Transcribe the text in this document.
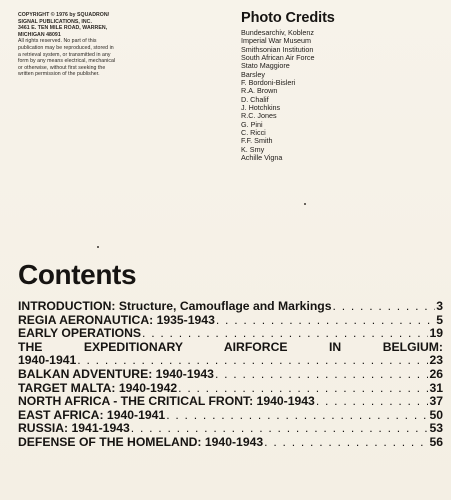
COPYRIGHT © 1976 by SQUADRON/

SIGNAL PUBLICATIONS, INC.

3461 E. TEN MILE ROAD, WARREN,

MICHIGAN 48091

All rights reserved. No part of this

publication may be reproduced, stored in

a retrieval system, or transmitted in any

form by any means electrical, mechanical

or otherwise, without first seeking the

written permission of the publisher.

Photo Credits
Bundesarchiv, Koblenz
Imperial War Museum
Smithsonian Institution
South African Air Force
Stato Maggiore
Barsley
F. Bordoni-Bisleri
R.A. Brown
D. Chalif
J. Hotchkins
R.C. Jones
G. Pini
C. Ricci
F.F. Smith
K. Smy
Achille Vigna
Contents
INTRODUCTION: Structure, Camouflage and Markings . . .	3
REGIA AERONAUTICA: 1935-1943 . . .	5
EARLY OPERATIONS . . .	19
THE EXPEDITIONARY AIRFORCE IN BELGIUM:
1940-1941 . . .	23
BALKAN ADVENTURE: 1940-1943 . . .	26
TARGET MALTA: 1940-1942 . . .	31
NORTH AFRICA - THE CRITICAL FRONT: 1940-1943 . . .	37
EAST AFRICA: 1940-1941 . . .	50
RUSSIA: 1941-1943 . . .	53
DEFENSE OF THE HOMELAND: 1940-1943 . . .	56
